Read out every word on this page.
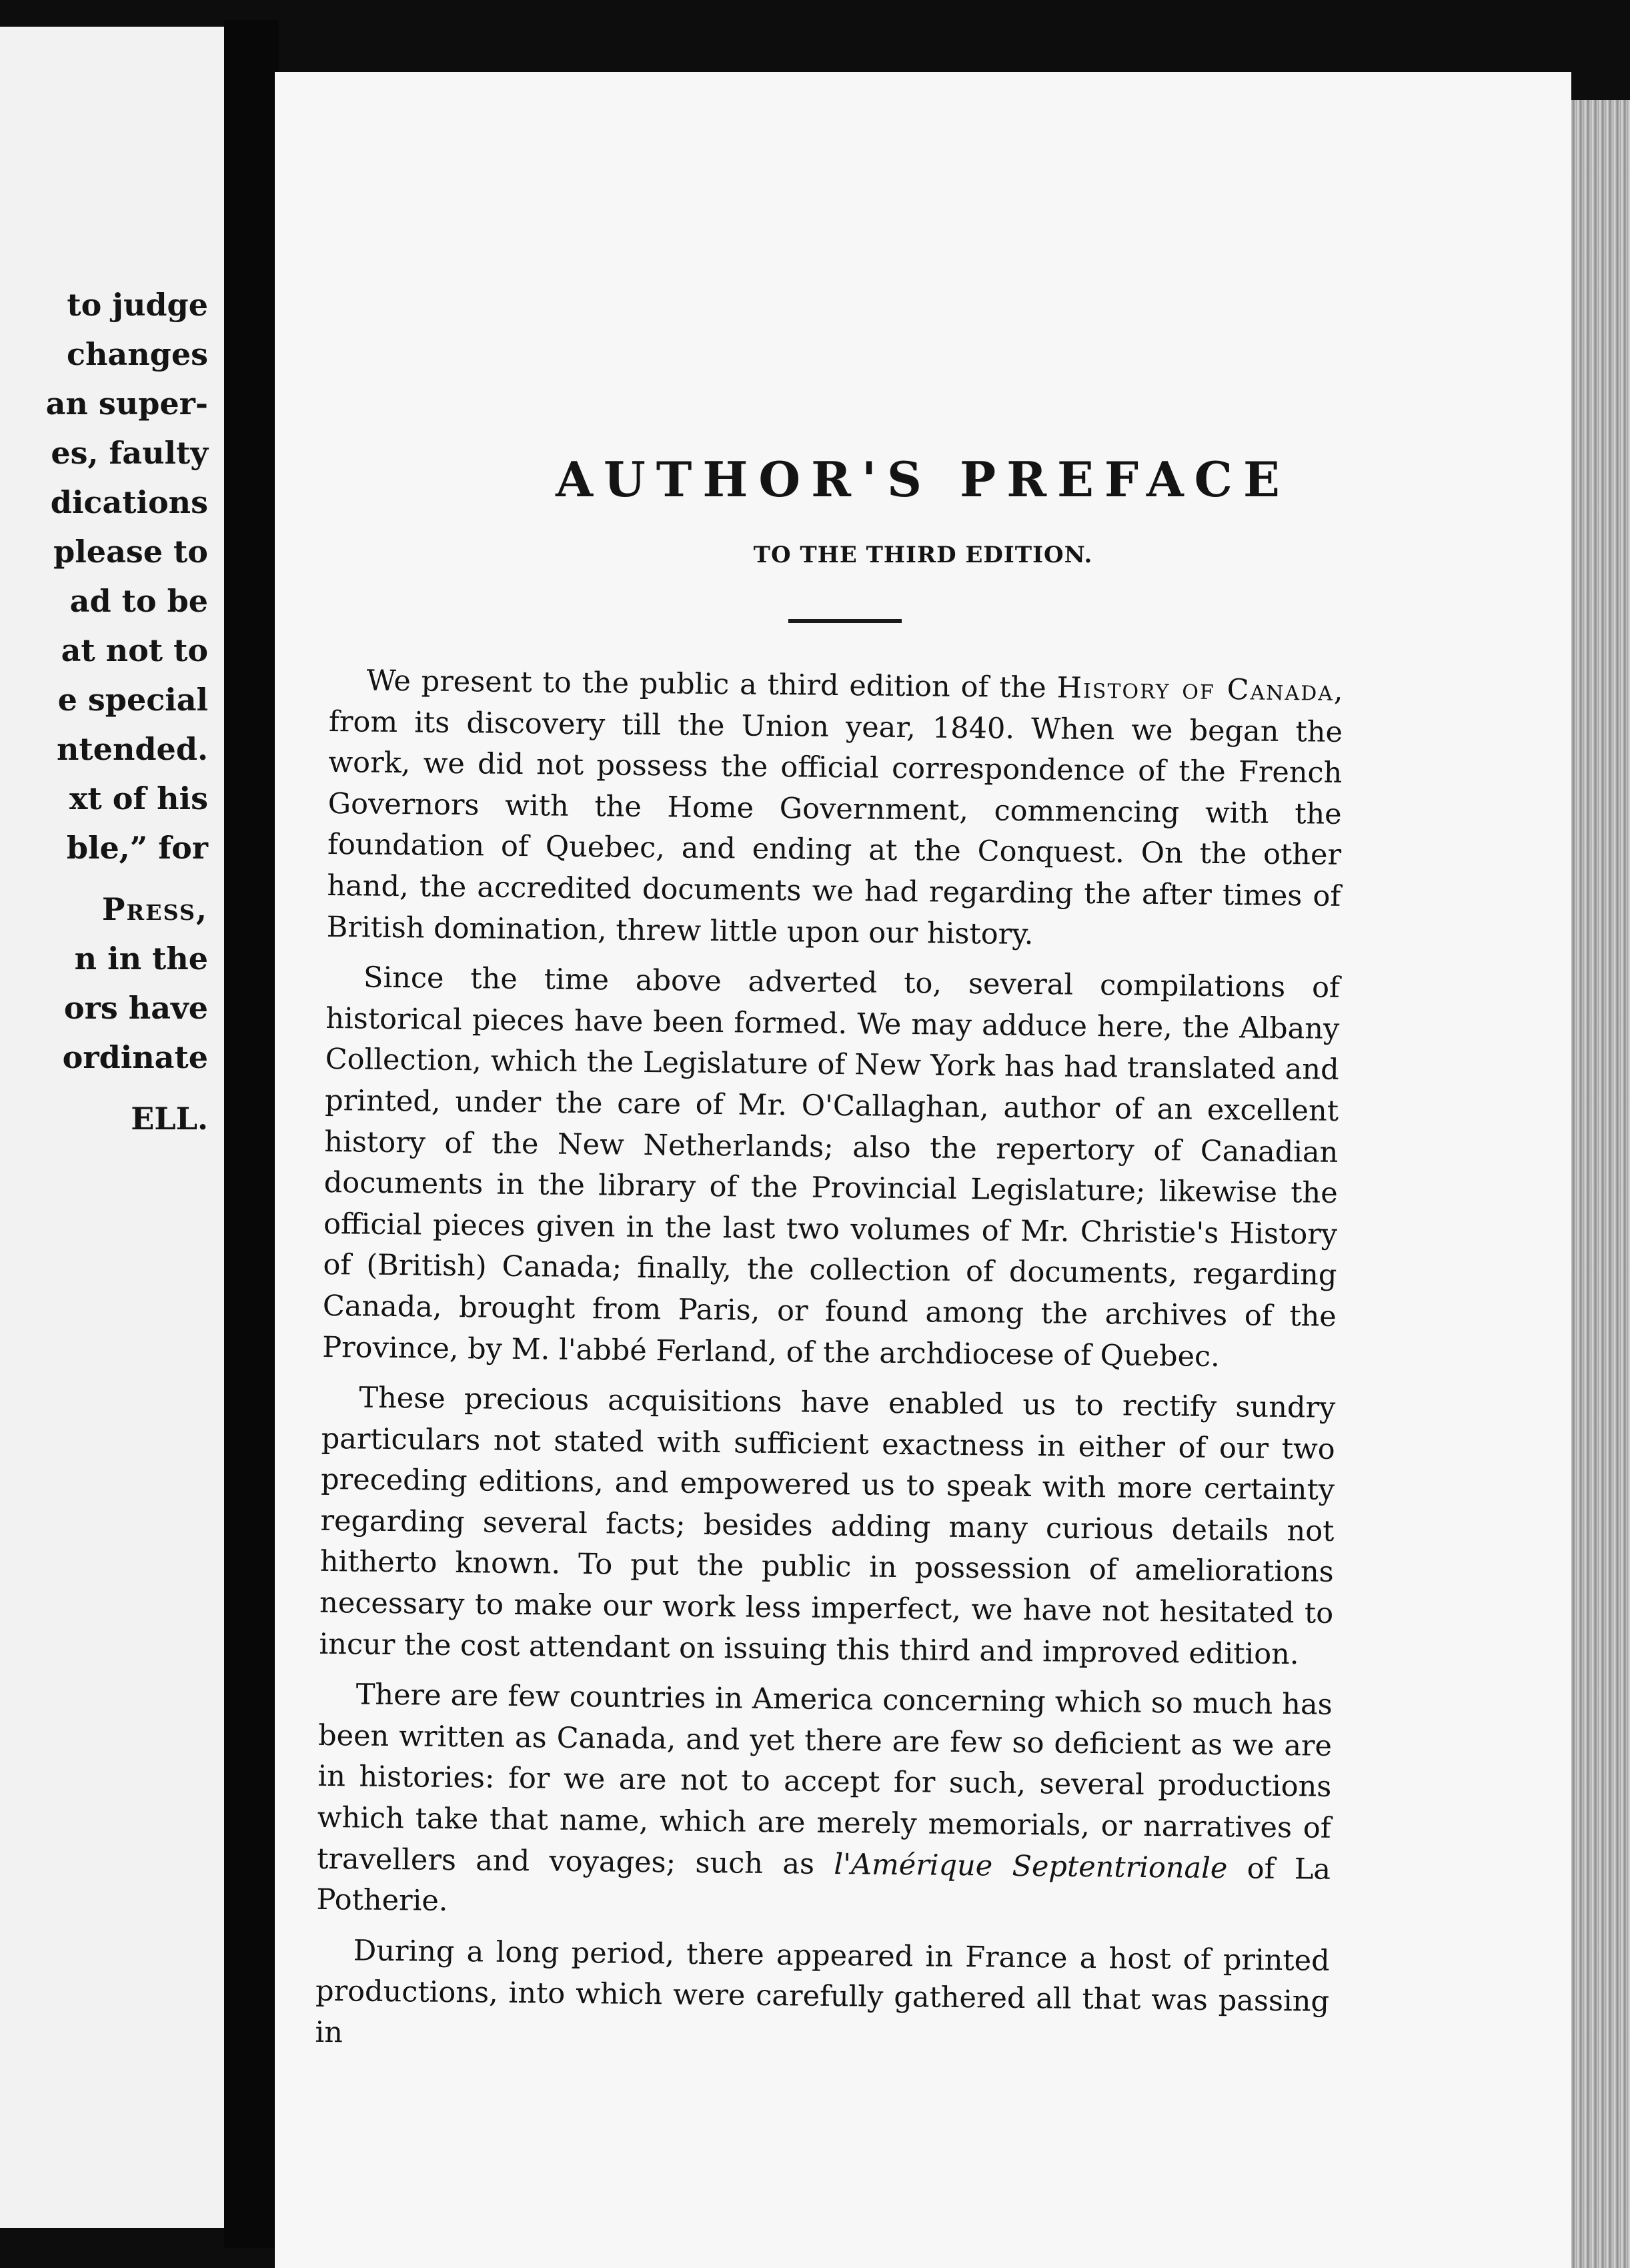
to judge
changes
an super-
es, faulty
dications
please to
ad to be
at not to
e special
ntended.
xt of his
ble,” for
Press,
n in the
ors have
ordinate
ELL.
AUTHOR'S PREFACE
TO THE THIRD EDITION.

We present to the public a third edition of the History of Canada, from its discovery till the Union year, 1840. When we began the work, we did not possess the official correspondence of the French Governors with the Home Government, commencing with the foundation of Quebec, and ending at the Conquest. On the other hand, the accredited documents we had regarding the after times of British domination, threw little upon our history.

Since the time above adverted to, several compilations of historical pieces have been formed. We may adduce here, the Albany Collection, which the Legislature of New York has had translated and printed, under the care of Mr. O'Callaghan, author of an excellent history of the New Netherlands; also the repertory of Canadian documents in the library of the Provincial Legislature; likewise the official pieces given in the last two volumes of Mr. Christie's History of (British) Canada; finally, the collection of documents, regarding Canada, brought from Paris, or found among the archives of the Province, by M. l'abbé Ferland, of the archdiocese of Quebec.

These precious acquisitions have enabled us to rectify sundry particulars not stated with sufficient exactness in either of our two preceding editions, and empowered us to speak with more certainty regarding several facts; besides adding many curious details not hitherto known. To put the public in possession of ameliorations necessary to make our work less imperfect, we have not hesitated to incur the cost attendant on issuing this third and improved edition.

There are few countries in America concerning which so much has been written as Canada, and yet there are few so deficient as we are in histories: for we are not to accept for such, several productions which take that name, which are merely memorials, or narratives of travellers and voyages; such as l'Amérique Septentrionale of La Potherie.

During a long period, there appeared in France a host of printed productions, into which were carefully gathered all that was passing in
